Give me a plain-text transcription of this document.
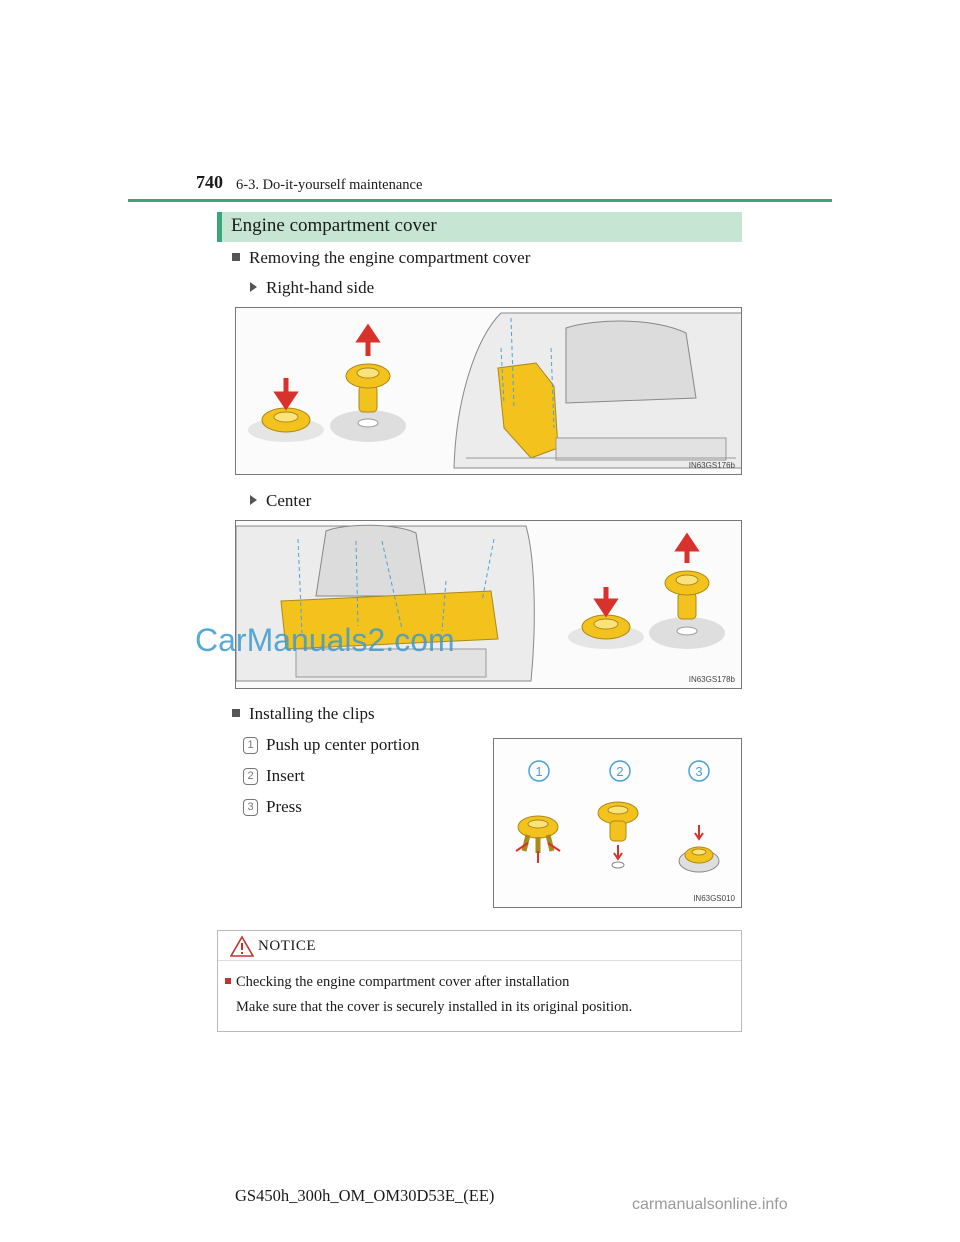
740 6-3. Do-it-yourself maintenance
Engine compartment cover
Removing the engine compartment cover
Right-hand side
IN63GS176b
Center
IN63GS178b
CarManuals2.com
Installing the clips
1 Push up center portion
2 Insert
3 Press
1	2	3
IN63GS010
NOTICE
Checking the engine compartment cover after installation
Make sure that the cover is securely installed in its original position.
GS450h_300h_OM_OM30D53E_(EE)	carmanualsonline.info
